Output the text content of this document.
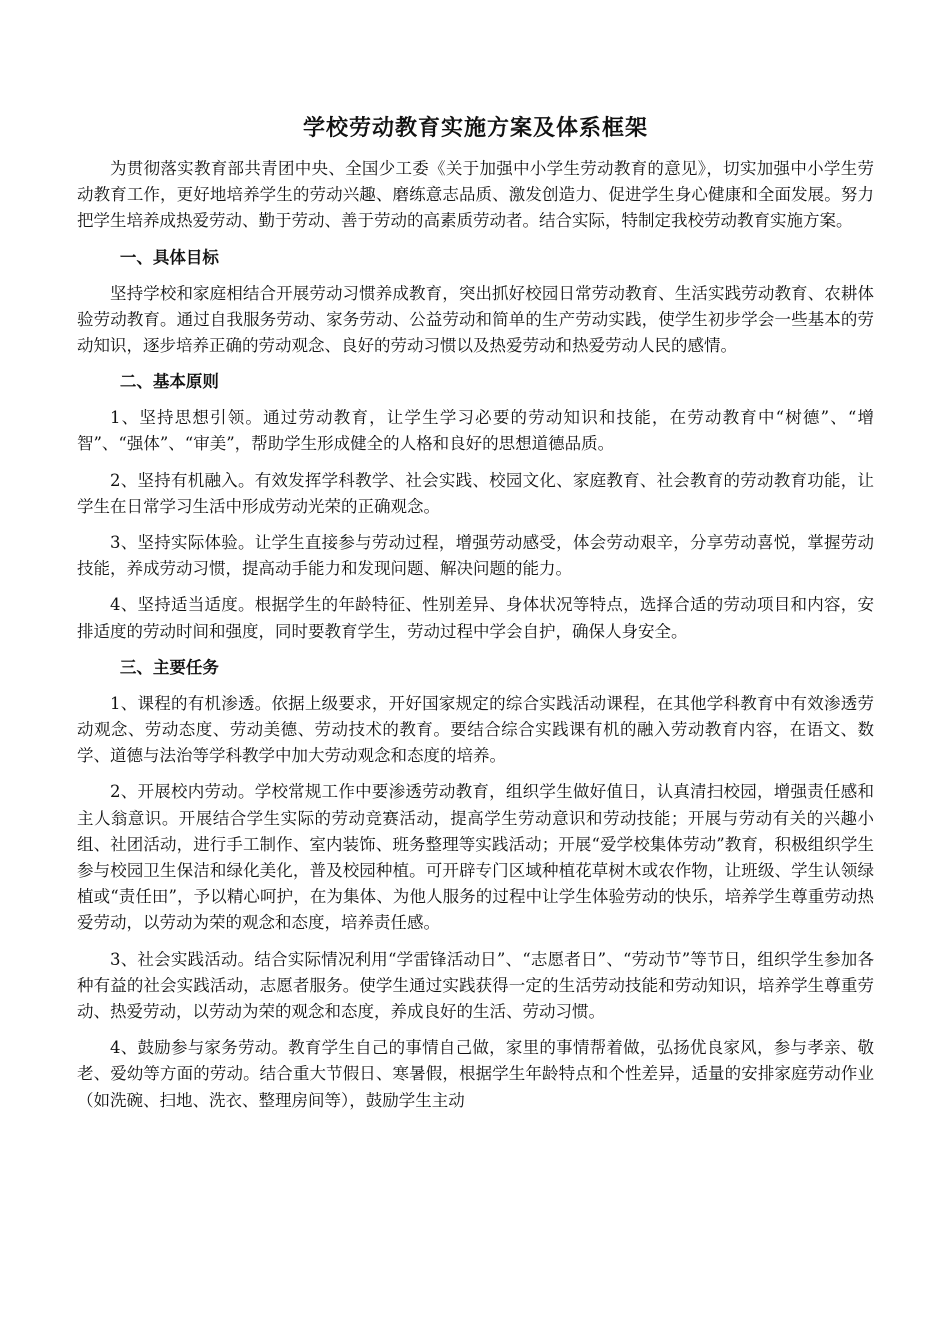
学校劳动教育实施方案及体系框架

为贯彻落实教育部共青团中央、全国少工委《关于加强中小学生劳动教育的意见》，切实加强中小学生劳动教育工作，更好地培养学生的劳动兴趣、磨练意志品质、激发创造力、促进学生身心健康和全面发展。努力把学生培养成热爱劳动、勤于劳动、善于劳动的高素质劳动者。结合实际，特制定我校劳动教育实施方案。

一、具体目标

坚持学校和家庭相结合开展劳动习惯养成教育，突出抓好校园日常劳动教育、生活实践劳动教育、农耕体验劳动教育。通过自我服务劳动、家务劳动、公益劳动和简单的生产劳动实践，使学生初步学会一些基本的劳动知识，逐步培养正确的劳动观念、良好的劳动习惯以及热爱劳动和热爱劳动人民的感情。

二、基本原则

1、坚持思想引领。通过劳动教育，让学生学习必要的劳动知识和技能，在劳动教育中“树德”、“增智”、“强体”、“审美”，帮助学生形成健全的人格和良好的思想道德品质。

2、坚持有机融入。有效发挥学科教学、社会实践、校园文化、家庭教育、社会教育的劳动教育功能，让学生在日常学习生活中形成劳动光荣的正确观念。

3、坚持实际体验。让学生直接参与劳动过程，增强劳动感受，体会劳动艰辛，分享劳动喜悦，掌握劳动技能，养成劳动习惯，提高动手能力和发现问题、解决问题的能力。

4、坚持适当适度。根据学生的年龄特征、性别差异、身体状况等特点，选择合适的劳动项目和内容，安排适度的劳动时间和强度，同时要教育学生，劳动过程中学会自护，确保人身安全。

三、主要任务

1、课程的有机渗透。依据上级要求，开好国家规定的综合实践活动课程，在其他学科教育中有效渗透劳动观念、劳动态度、劳动美德、劳动技术的教育。要结合综合实践课有机的融入劳动教育内容，在语文、数学、道德与法治等学科教学中加大劳动观念和态度的培养。

2、开展校内劳动。学校常规工作中要渗透劳动教育，组织学生做好值日，认真清扫校园，增强责任感和主人翁意识。开展结合学生实际的劳动竞赛活动，提高学生劳动意识和劳动技能；开展与劳动有关的兴趣小组、社团活动，进行手工制作、室内装饰、班务整理等实践活动；开展“爱学校集体劳动”教育，积极组织学生参与校园卫生保洁和绿化美化，普及校园种植。可开辟专门区域种植花草树木或农作物，让班级、学生认领绿植或“责任田”，予以精心呵护，在为集体、为他人服务的过程中让学生体验劳动的快乐，培养学生尊重劳动热爱劳动，以劳动为荣的观念和态度，培养责任感。

3、社会实践活动。结合实际情况利用“学雷锋活动日”、“志愿者日”、“劳动节”等节日，组织学生参加各种有益的社会实践活动，志愿者服务。使学生通过实践获得一定的生活劳动技能和劳动知识，培养学生尊重劳动、热爱劳动，以劳动为荣的观念和态度，养成良好的生活、劳动习惯。

4、鼓励参与家务劳动。教育学生自己的事情自己做，家里的事情帮着做，弘扬优良家风，参与孝亲、敬老、爱幼等方面的劳动。结合重大节假日、寒暑假，根据学生年龄特点和个性差异，适量的安排家庭劳动作业（如洗碗、扫地、洗衣、整理房间等），鼓励学生主动
